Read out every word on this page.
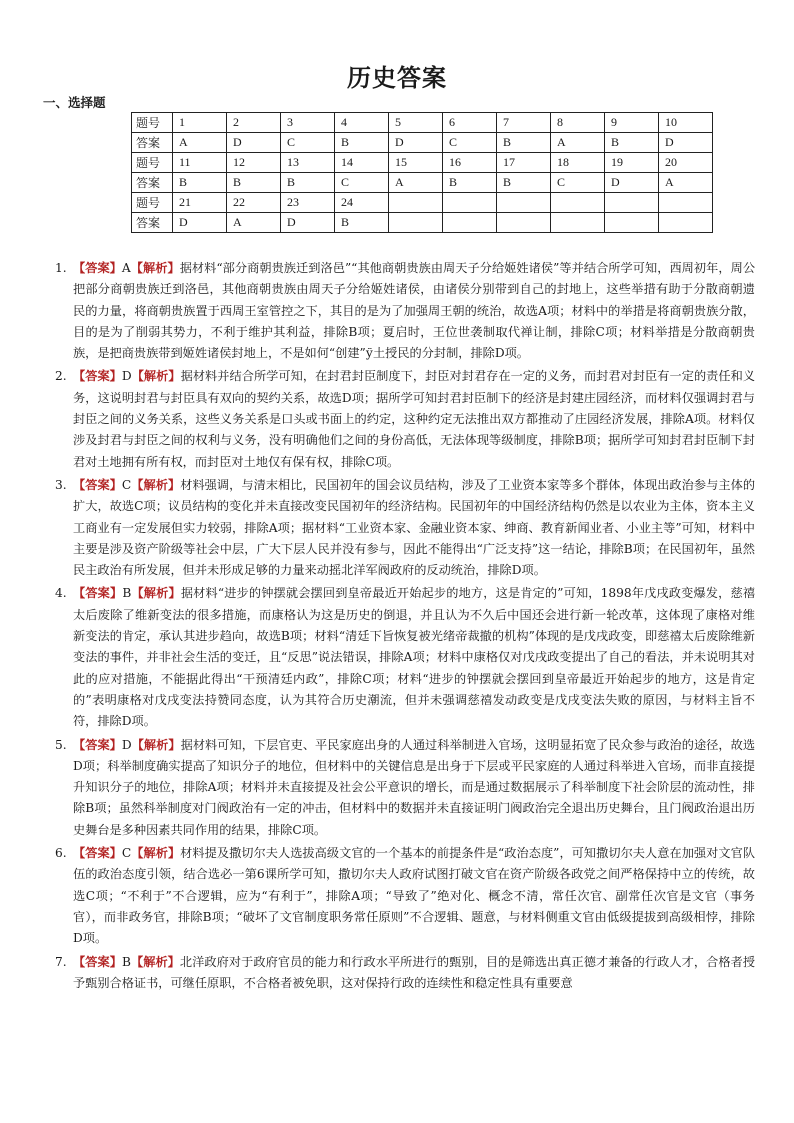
历史答案
一、选择题
题号	1	2	3	4	5	6	7	8	9	10
答案	A	D	C	B	D	C	B	A	B	D
题号	11	12	13	14	15	16	17	18	19	20
答案	B	B	B	C	A	B	B	C	D	A
题号	21	22	23	24						
答案	D	A	D	B						
1. 【答案】A【解析】据材料“部分商朝贵族迁到洛邑”“其他商朝贵族由周天子分给姬姓诸侯”等并结合所学可知，西周初年，周公把部分商朝贵族迁到洛邑，其他商朝贵族由周天子分给姬姓诸侯，由诸侯分别带到自己的封地上，这些举措有助于分散商朝遗民的力量，将商朝贵族置于西周王室管控之下，其目的是为了加强周王朝的统治，故选A项；材料中的举措是将商朝贵族分散，目的是为了削弱其势力，不利于维护其利益，排除B项；夏启时，王位世袭制取代禅让制，排除C项；材料举措是分散商朝贵族，是把商贵族带到姬姓诸侯封地上，不是如何“创建”ў土授民的分封制，排除D项。
2. 【答案】D【解析】据材料并结合所学可知，在封君封臣制度下，封臣对封君存在一定的义务，而封君对封臣有一定的责任和义务，这说明封君与封臣具有双向的契约关系，故选D项；据所学可知封君封臣制下的经济是封建庄园经济，而材料仅强调封君与封臣之间的义务关系，这些义务关系是口头或书面上的约定，这种约定无法推出双方都推动了庄园经济发展，排除A项。材料仅涉及封君与封臣之间的权利与义务，没有明确他们之间的身份高低，无法体现等级制度，排除B项；据所学可知封君封臣制下封君对土地拥有所有权，而封臣对土地仅有保有权，排除C项。
3. 【答案】C【解析】材料强调，与清末相比，民国初年的国会议员结构，涉及了工业资本家等多个群体，体现出政治参与主体的扩大，故选C项；议员结构的变化并未直接改变民国初年的经济结构。民国初年的中国经济结构仍然是以农业为主体，资本主义工商业有一定发展但实力较弱，排除A项；据材料“工业资本家、金融业资本家、绅商、教育新闻业者、小业主等”可知，材料中主要是涉及资产阶级等社会中层，广大下层人民并没有参与，因此不能得出“广泛支持”这一结论，排除B项；在民国初年，虽然民主政治有所发展，但并未形成足够的力量来动摇北洋军阀政府的反动统治，排除D项。
4. 【答案】B【解析】据材料“进步的钟摆就会摆回到皇帝最近开始起步的地方，这是肯定的”可知，1898年戊戌政变爆发，慈禧太后废除了维新变法的很多措施，而康格认为这是历史的倒退，并且认为不久后中国还会进行新一轮改革，这体现了康格对维新变法的肯定，承认其进步趋向，故选B项；材料“清廷下旨恢复被光绪帝裁撤的机构”体现的是戊戌政变，即慈禧太后废除维新变法的事件，并非社会生活的变迁，且“反思”说法错误，排除A项；材料中康格仅对戊戌政变提出了自己的看法，并未说明其对此的应对措施，不能据此得出“干预清廷内政”，排除C项；材料“进步的钟摆就会摆回到皇帝最近开始起步的地方，这是肯定的”表明康格对戊戌变法持赞同态度，认为其符合历史潮流，但并未强调慈禧发动政变是戊戌变法失败的原因，与材料主旨不符，排除D项。
5. 【答案】D【解析】据材料可知，下层官吏、平民家庭出身的人通过科举制进入官场，这明显拓宽了民众参与政治的途径，故选D项；科举制度确实提高了知识分子的地位，但材料中的关键信息是出身于下层或平民家庭的人通过科举进入官场，而非直接提升知识分子的地位，排除A项；材料并未直接提及社会公平意识的增长，而是通过数据展示了科举制度下社会阶层的流动性，排除B项；虽然科举制度对门阀政治有一定的冲击，但材料中的数据并未直接证明门阀政治完全退出历史舞台，且门阀政治退出历史舞台是多种因素共同作用的结果，排除C项。
6. 【答案】C【解析】材料提及撒切尔夫人选拔高级文官的一个基本的前提条件是“政治态度”，可知撒切尔夫人意在加强对文官队伍的政治态度引领，结合选必一第6课所学可知，撒切尔夫人政府试图打破文官在资产阶级各政党之间严格保持中立的传统，故选C项；“不利于”不合逻辑，应为“有利于”，排除A项；“导致了”绝对化、概念不清，常任次官、副常任次官是文官（事务官），而非政务官，排除B项；“破坏了文官制度职务常任原则”不合逻辑、题意，与材料侧重文官由低级提拔到高级相悖，排除D项。
7. 【答案】B【解析】北洋政府对于政府官员的能力和行政水平所进行的甄别，目的是筛选出真正德才兼备的行政人才，合格者授予甄别合格证书，可继任原职，不合格者被免职，这对保持行政的连续性和稳定性具有重要意
